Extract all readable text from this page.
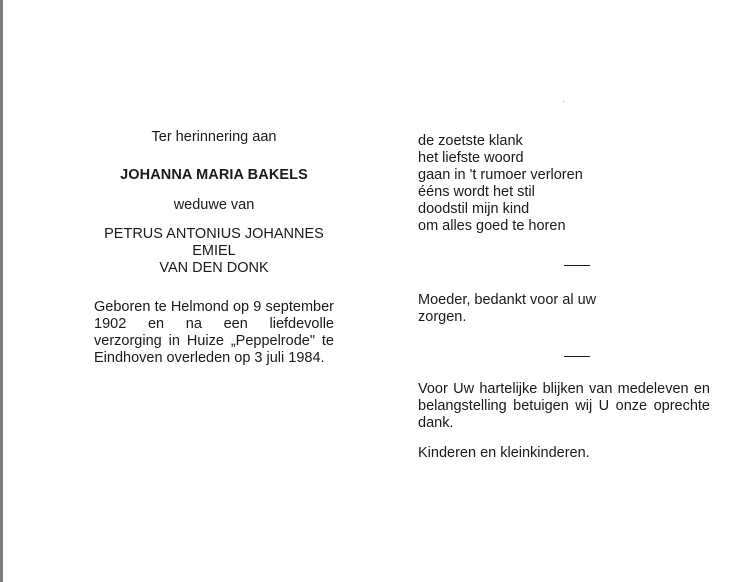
Ter herinnering aan
JOHANNA MARIA BAKELS
weduwe van
PETRUS ANTONIUS JOHANNES EMIEL
VAN DEN DONK

Geboren te Helmond op 9 september 1902 en na een liefdevolle verzorging in Huize „Peppelrode" te Eindhoven overleden op 3 juli 1984.

de zoetste klank
het liefste woord
gaan in 't rumoer verloren
ééns wordt het stil
doodstil mijn kind
om alles goed te horen

Moeder, bedankt voor al uw zorgen.

Voor Uw hartelijke blijken van medeleven en belangstelling betuigen wij U onze oprechte dank.

Kinderen en kleinkinderen.
